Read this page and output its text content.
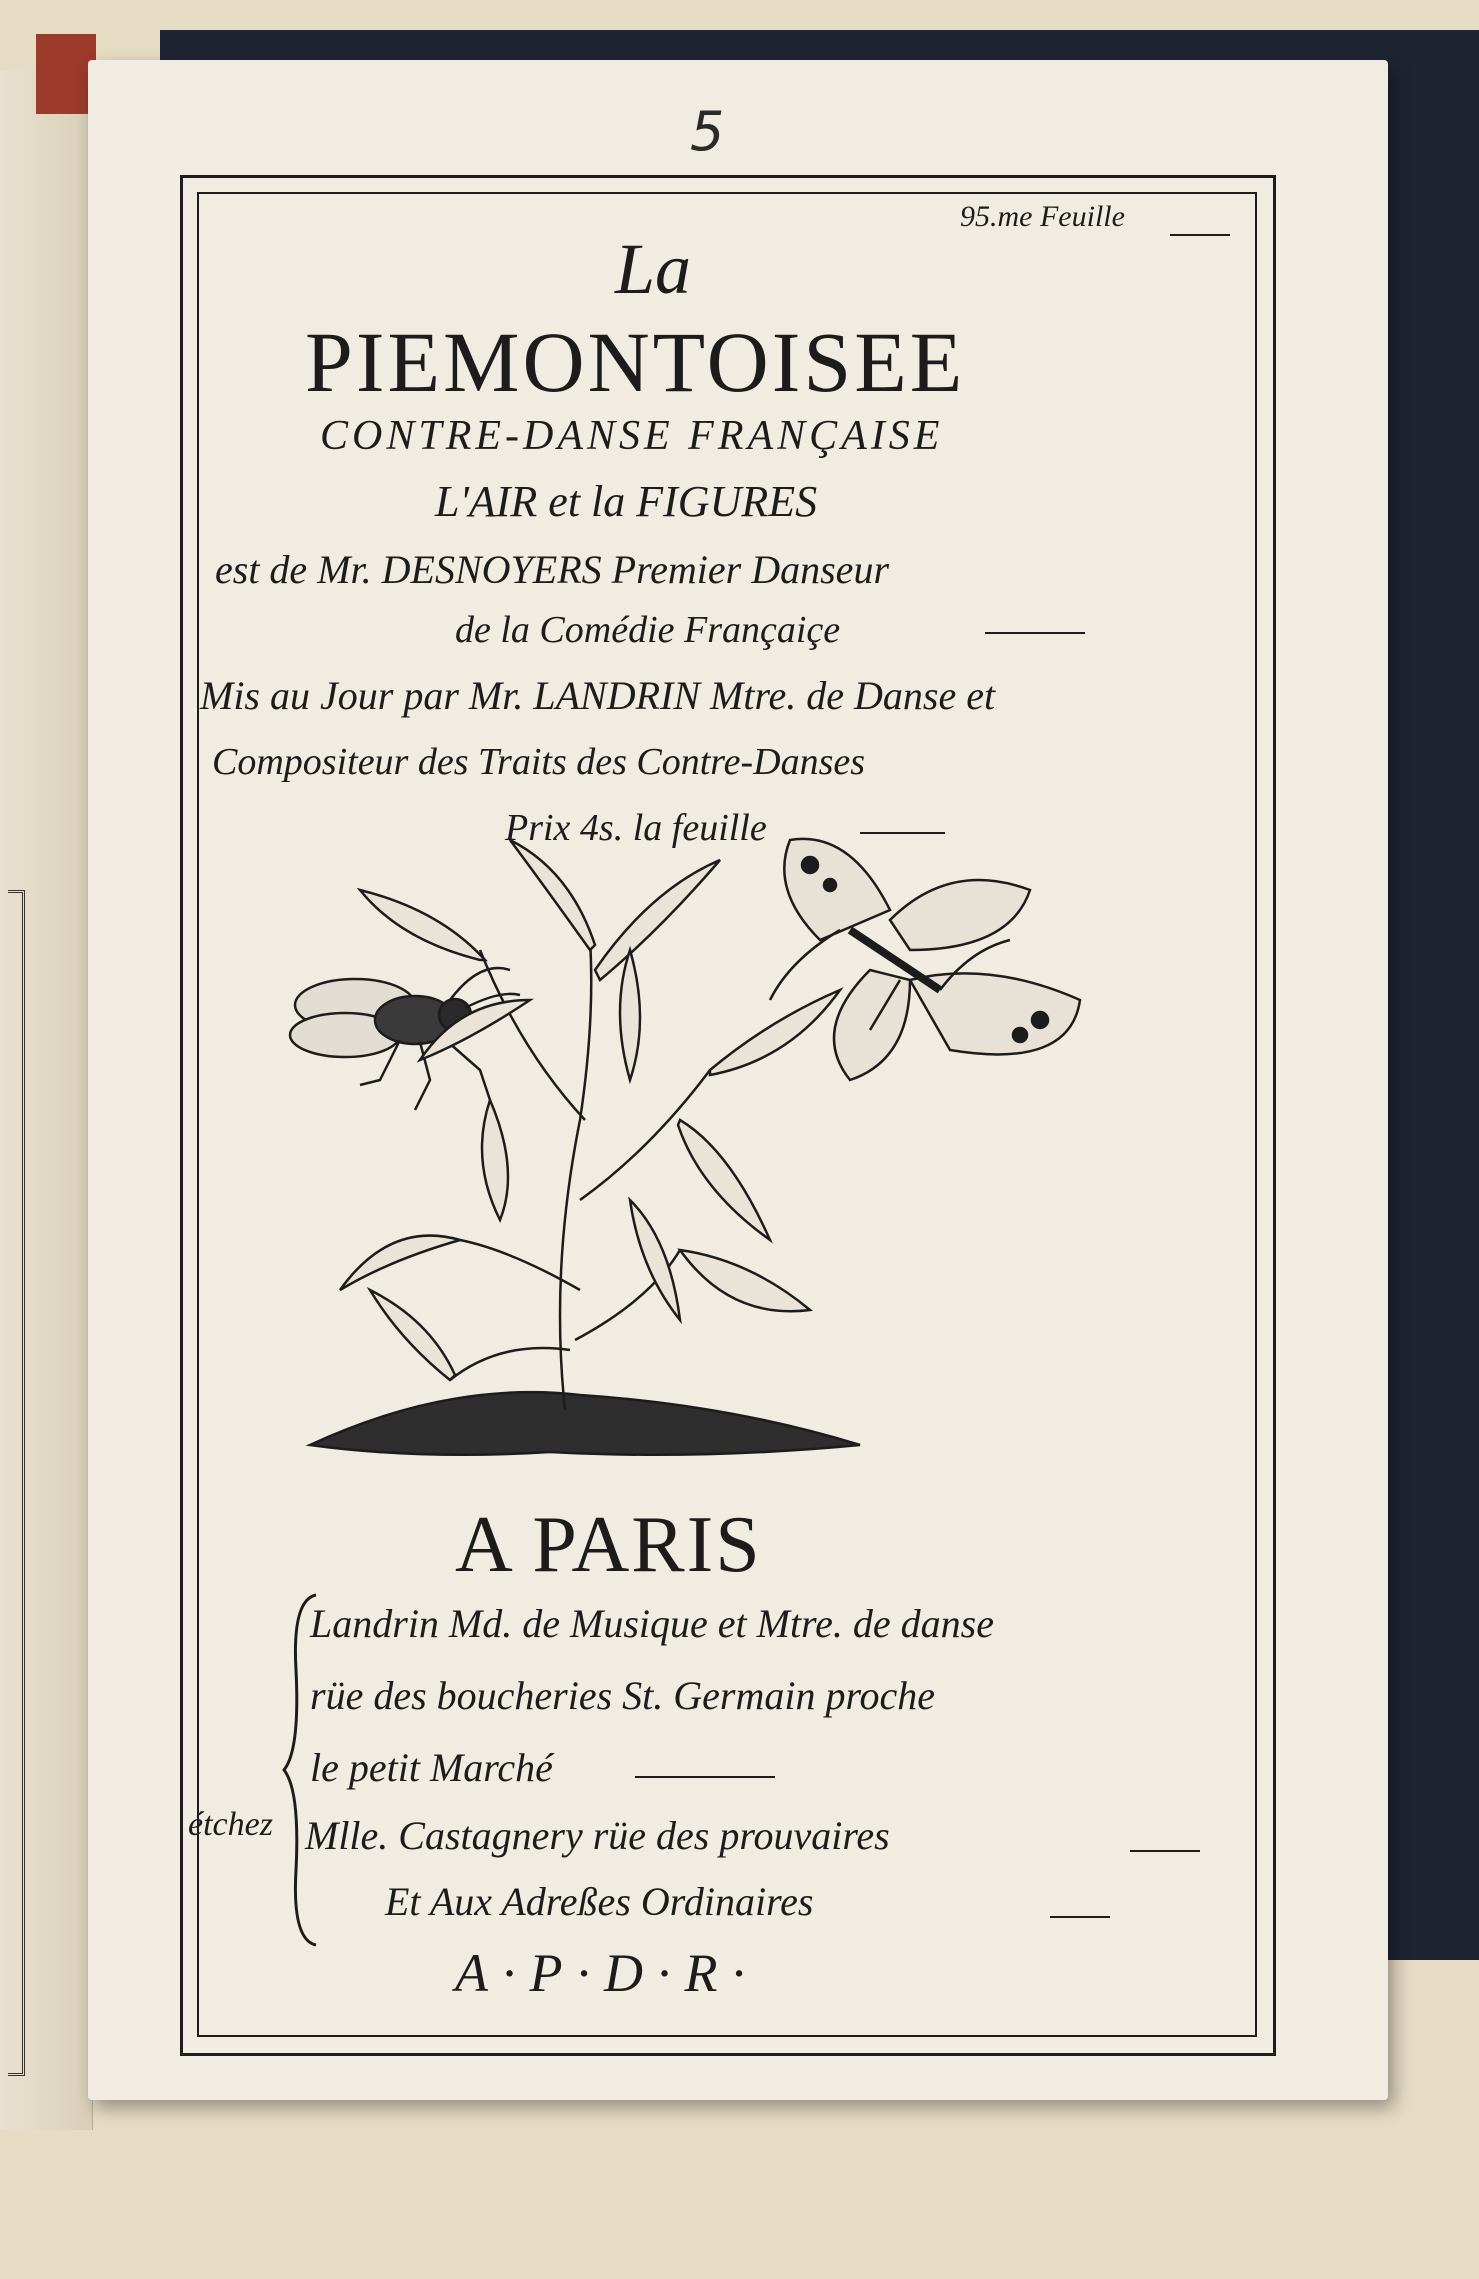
5
95.me Feuille
La
PIEMONTOISEE
CONTRE-DANSE FRANÇAISE
L'AIR et la FIGURES
est de Mr. DESNOYERS Premier Danseur
de la Comédie Françaiçe
Mis au Jour par Mr. LANDRIN Mtre. de Danse et
Compositeur des Traits des Contre-Danses
Prix 4s. la feuille
A PARIS
Landrin Md. de Musique et Mtre. de danse
rüe des boucheries St. Germain proche
le petit Marché
étchez Mlle. Castagnery rüe des prouvaires
Et Aux Adreßes Ordinaires
A·P·D·R·
